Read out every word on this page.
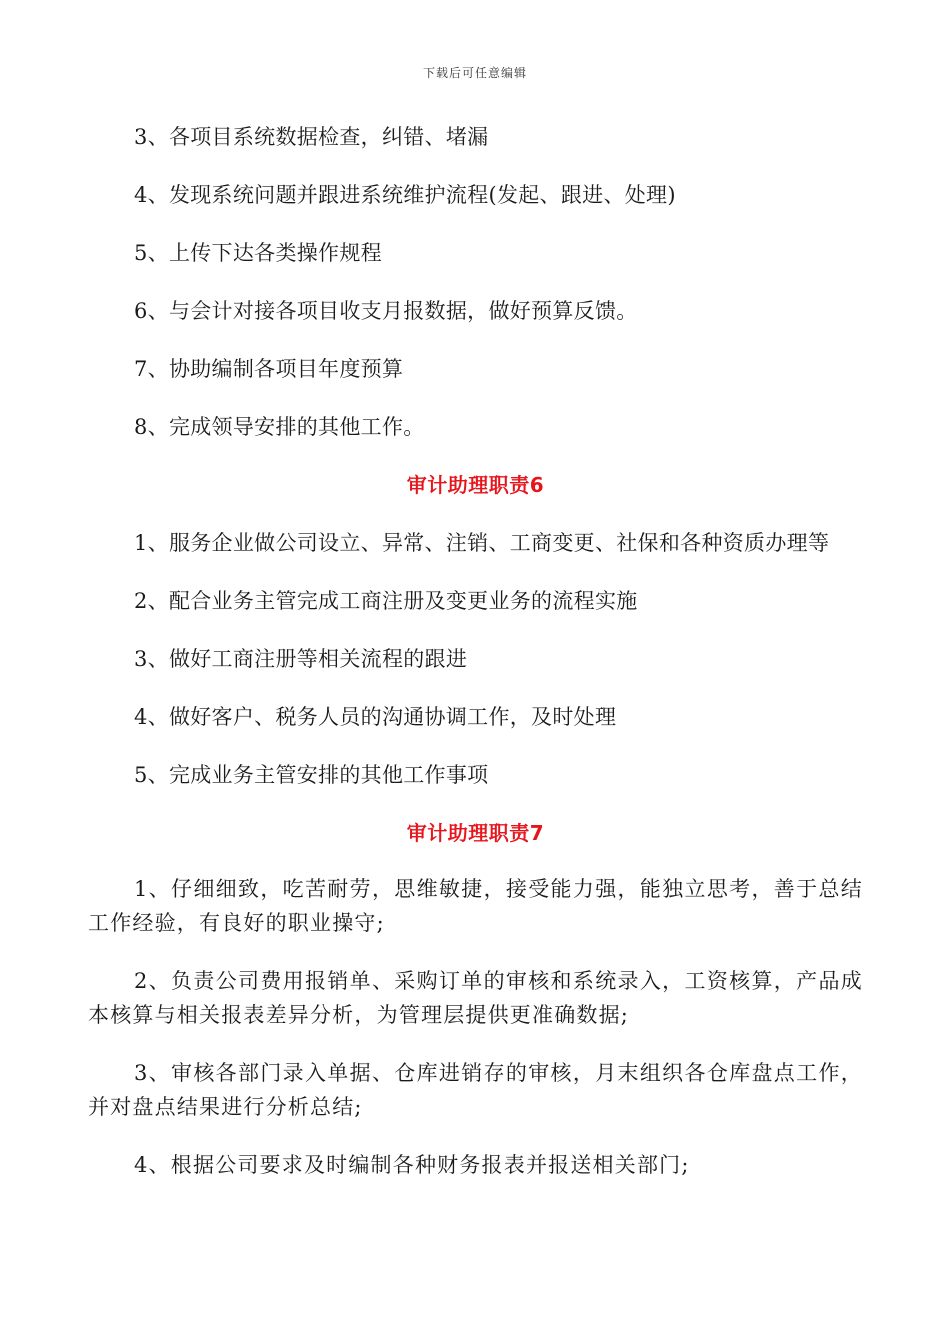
下载后可任意编辑
3、各项目系统数据检查，纠错、堵漏
4、发现系统问题并跟进系统维护流程(发起、跟进、处理)
5、上传下达各类操作规程
6、与会计对接各项目收支月报数据，做好预算反馈。
7、协助编制各项目年度预算
8、完成领导安排的其他工作。
审计助理职责6
1、服务企业做公司设立、异常、注销、工商变更、社保和各种资质办理等
2、配合业务主管完成工商注册及变更业务的流程实施
3、做好工商注册等相关流程的跟进
4、做好客户、税务人员的沟通协调工作，及时处理
5、完成业务主管安排的其他工作事项
审计助理职责7
1、仔细细致，吃苦耐劳，思维敏捷，接受能力强，能独立思考，善于总结工作经验，有良好的职业操守;
2、负责公司费用报销单、采购订单的审核和系统录入，工资核算，产品成本核算与相关报表差异分析，为管理层提供更准确数据;
3、审核各部门录入单据、仓库进销存的审核，月末组织各仓库盘点工作，并对盘点结果进行分析总结;
4、根据公司要求及时编制各种财务报表并报送相关部门;
